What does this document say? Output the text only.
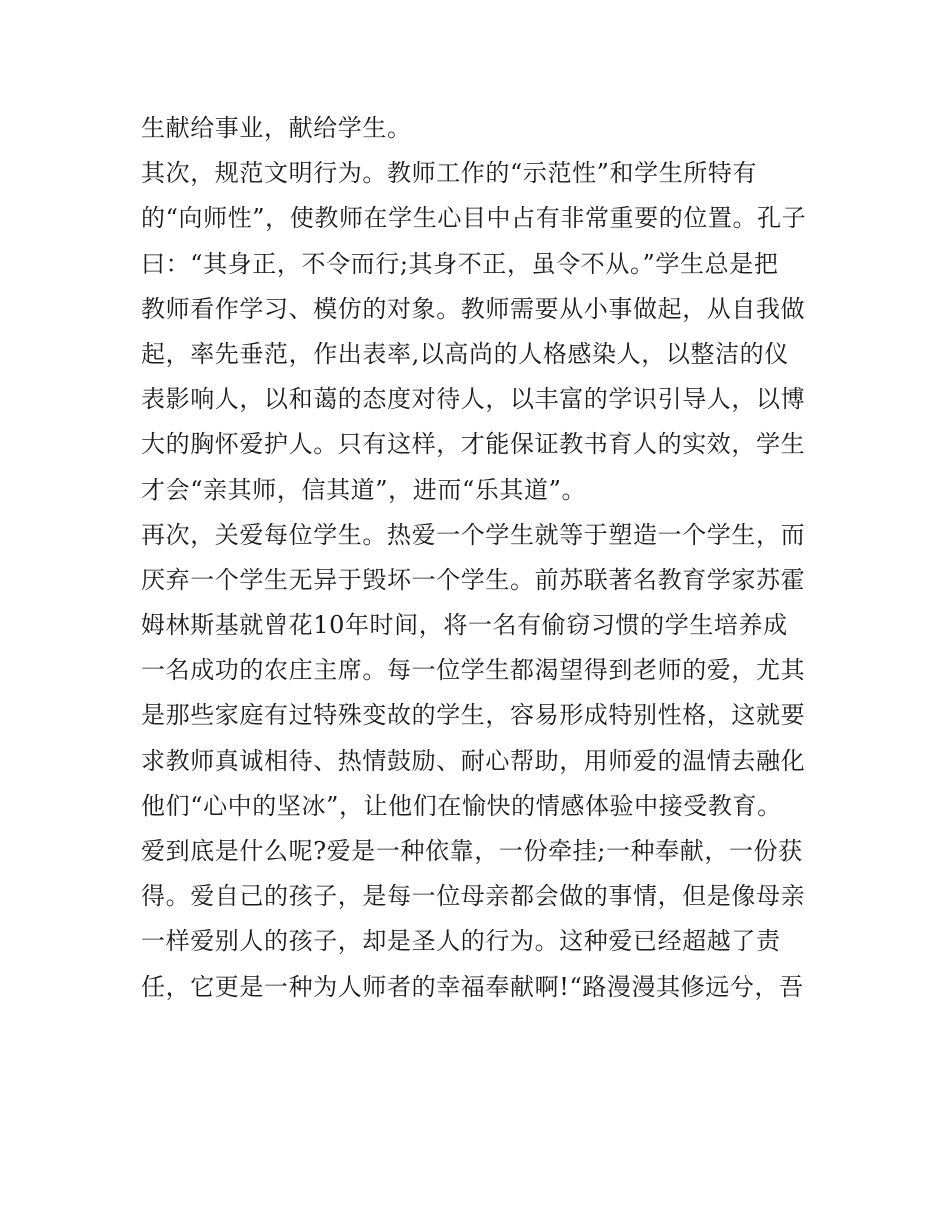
生献给事业，献给学生。
其次，规范文明行为。教师工作的“示范性”和学生所特有
的“向师性”，使教师在学生心目中占有非常重要的位置。孔子
曰：“其身正，不令而行;其身不正，虽令不从。”学生总是把
教师看作学习、模仿的对象。教师需要从小事做起，从自我做
起，率先垂范，作出表率,以高尚的人格感染人，以整洁的仪
表影响人，以和蔼的态度对待人，以丰富的学识引导人，以博
大的胸怀爱护人。只有这样，才能保证教书育人的实效，学生
才会“亲其师，信其道”，进而“乐其道”。
再次，关爱每位学生。热爱一个学生就等于塑造一个学生，而
厌弃一个学生无异于毁坏一个学生。前苏联著名教育学家苏霍
姆林斯基就曾花10年时间，将一名有偷窃习惯的学生培养成
一名成功的农庄主席。每一位学生都渴望得到老师的爱，尤其
是那些家庭有过特殊变故的学生，容易形成特别性格，这就要
求教师真诚相待、热情鼓励、耐心帮助，用师爱的温情去融化
他们“心中的坚冰”，让他们在愉快的情感体验中接受教育。
爱到底是什么呢?爱是一种依靠，一份牵挂;一种奉献，一份获
得。爱自己的孩子，是每一位母亲都会做的事情，但是像母亲
一样爱别人的孩子，却是圣人的行为。这种爱已经超越了责
任，它更是一种为人师者的幸福奉献啊!“路漫漫其修远兮，吾
